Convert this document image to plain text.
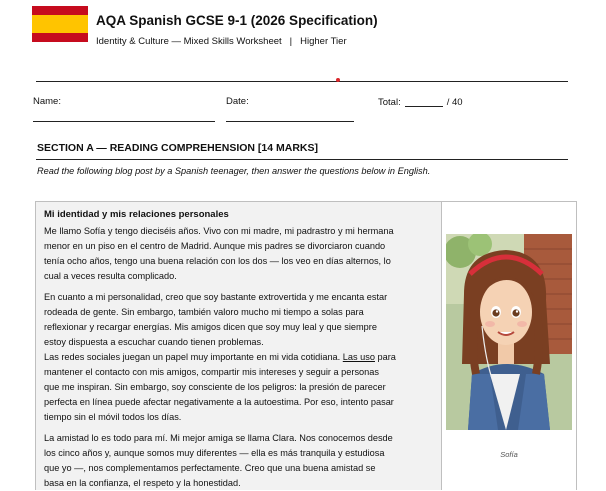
AQA Spanish GCSE 9-1 (2026 Specification)
Identity & Culture — Mixed Skills Worksheet | Higher Tier
Name:	Date:	Total:	/ 40
SECTION A — READING COMPREHENSION [14 MARKS]
Read the following blog post by a Spanish teenager, then answer the questions below in English.
Mi identidad y mis relaciones personales
Me llamo Sofía y tengo dieciséis años. Vivo con mi madre, mi padrastro y mi hermana
menor en un piso en el centro de Madrid. Aunque mis padres se divorciaron cuando
tenía ocho años, tengo una buena relación con los dos — los veo en días alternos, lo
cual a veces resulta complicado.
En cuanto a mi personalidad, creo que soy bastante extrovertida y me encanta estar
rodeada de gente. Sin embargo, también valoro mucho mi tiempo a solas para
reflexionar y recargar energías. Mis amigos dicen que soy muy leal y que siempre
estoy dispuesta a escuchar cuando tienen problemas.
Las redes sociales juegan un papel muy importante en mi vida cotidiana. Las uso para
mantener el contacto con mis amigos, compartir mis intereses y seguir a personas
que me inspiran. Sin embargo, soy consciente de los peligros: la presión de parecer
perfecta en línea puede afectar negativamente a la autoestima. Por eso, intento pasar
tiempo sin el móvil todos los días.
La amistad lo es todo para mí. Mi mejor amiga se llama Clara. Nos conocemos desde
los cinco años y, aunque somos muy diferentes — ella es más tranquila y estudiosa
que yo —, nos complementamos perfectamente. Creo que una buena amistad se
basa en la confianza, el respeto y la honestidad.
Sofía
